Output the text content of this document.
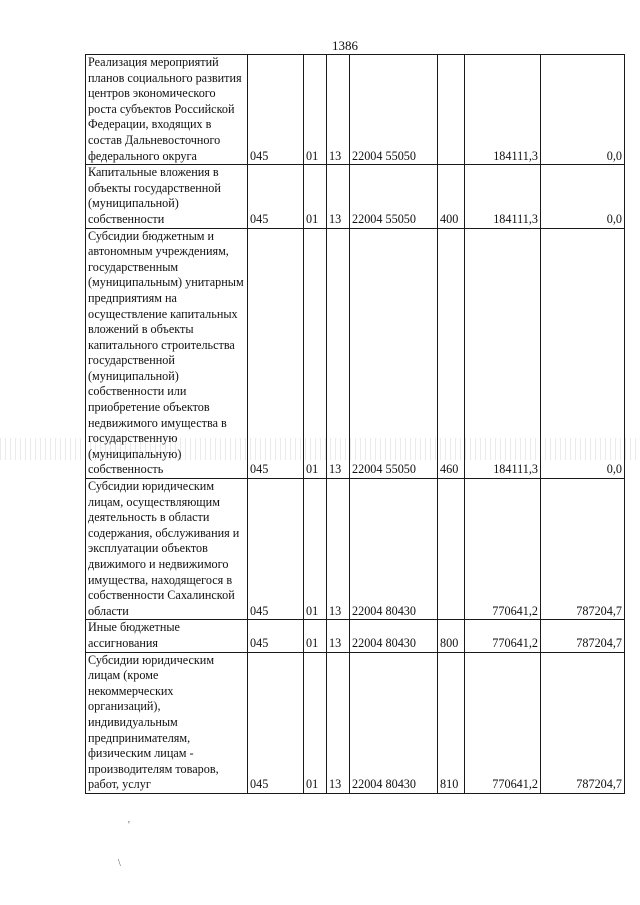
1386
Реализация мероприятий планов социального развития центров экономического роста субъектов Российской Федерации, входящих в состав Дальневосточного федерального округа	045	01	13	22004 55050		184111,3	0,0
Капитальные вложения в объекты государственной (муниципальной) собственности	045	01	13	22004 55050	400	184111,3	0,0
Субсидии бюджетным и автономным учреждениям, государственным (муниципальным) унитарным предприятиям на осуществление капитальных вложений в объекты капитального строительства государственной (муниципальной) собственности или приобретение объектов недвижимого имущества в государственную (муниципальную) собственность	045	01	13	22004 55050	460	184111,3	0,0
Субсидии юридическим лицам, осуществляющим деятельность в области содержания, обслуживания и эксплуатации объектов движимого и недвижимого имущества, находящегося в собственности Сахалинской области	045	01	13	22004 80430		770641,2	787204,7
Иные бюджетные ассигнования	045	01	13	22004 80430	800	770641,2	787204,7
Субсидии юридическим лицам (кроме некоммерческих организаций), индивидуальным предпринимателям, физическим лицам - производителям товаров, работ, услуг	045	01	13	22004 80430	810	770641,2	787204,7
'
\
